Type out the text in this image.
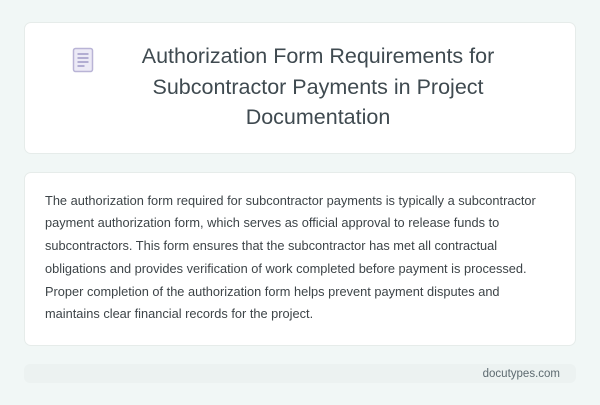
Authorization Form Requirements for Subcontractor Payments in Project Documentation

The authorization form required for subcontractor payments is typically a subcontractor payment authorization form, which serves as official approval to release funds to subcontractors. This form ensures that the subcontractor has met all contractual obligations and provides verification of work completed before payment is processed. Proper completion of the authorization form helps prevent payment disputes and maintains clear financial records for the project.

docutypes.com
